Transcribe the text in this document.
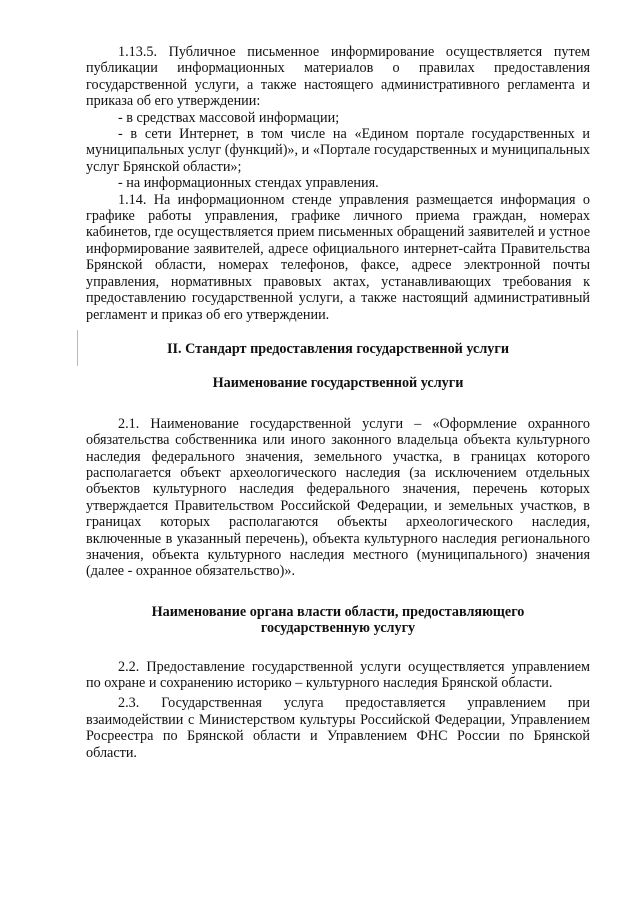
1.13.5. Публичное письменное информирование осуществляется путем публикации информационных материалов о правилах предоставления государственной услуги, а также настоящего административного регламента и приказа об его утверждении:

- в средствах массовой информации;

- в сети Интернет, в том числе на «Едином портале государственных и муниципальных услуг (функций)», и «Портале государственных и муниципальных услуг Брянской области»;

- на информационных стендах управления.

1.14. На информационном стенде управления размещается информация о графике работы управления, графике личного приема граждан, номерах кабинетов, где осуществляется прием письменных обращений заявителей и устное информирование заявителей, адресе официального интернет-сайта Правительства Брянской области, номерах телефонов, факсе, адресе электронной почты управления, нормативных правовых актах, устанавливающих требования к предоставлению государственной услуги, а также настоящий административный регламент и приказ об его утверждении.

II. Стандарт предоставления государственной услуги

Наименование государственной услуги

2.1. Наименование государственной услуги – «Оформление охранного обязательства собственника или иного законного владельца объекта культурного наследия федерального значения, земельного участка, в границах которого располагается объект археологического наследия (за исключением отдельных объектов культурного наследия федерального значения, перечень которых утверждается Правительством Российской Федерации, и земельных участков, в границах которых располагаются объекты археологического наследия, включенные в указанный перечень), объекта культурного наследия регионального значения, объекта культурного наследия местного (муниципального) значения (далее - охранное обязательство)».

Наименование органа власти области, предоставляющего

государственную услугу

2.2. Предоставление государственной услуги осуществляется управлением по охране и сохранению историко – культурного наследия Брянской области.

2.3. Государственная услуга предоставляется управлением при взаимодействии с Министерством культуры Российской Федерации, Управлением Росреестра по Брянской области и Управлением ФНС России по Брянской области.
